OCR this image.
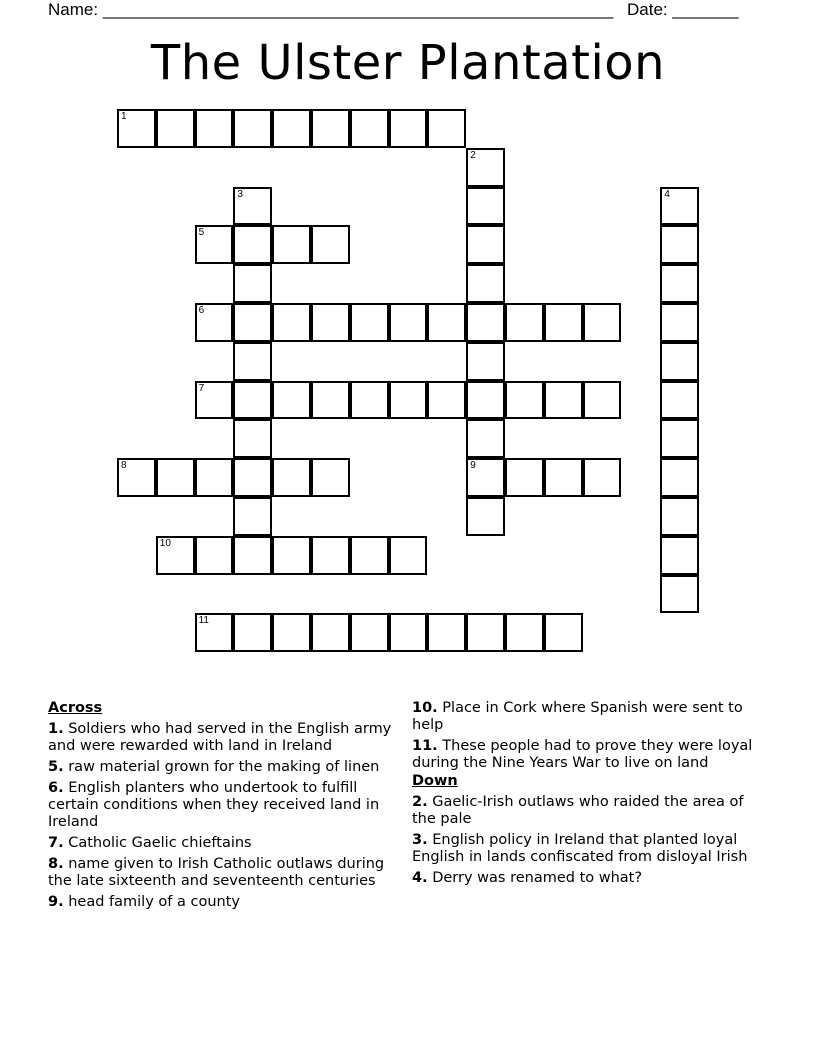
Name: ______________________________________________________ Date: _______
The Ulster Plantation
1
2
9
3	4
5
6
7
8
10
11
Across
1. Soldiers who had served in the English army and were rewarded with land in Ireland
5. raw material grown for the making of linen
6. English planters who undertook to fulfill certain conditions when they received land in Ireland
7. Catholic Gaelic chieftains
8. name given to Irish Catholic outlaws during the late sixteenth and seventeenth centuries
9. head family of a county
10. Place in Cork where Spanish were sent to help
11. These people had to prove they were loyal during the Nine Years War to live on land
Down
2. Gaelic-Irish outlaws who raided the area of the pale
3. English policy in Ireland that planted loyal English in lands confiscated from disloyal Irish
4. Derry was renamed to what?
